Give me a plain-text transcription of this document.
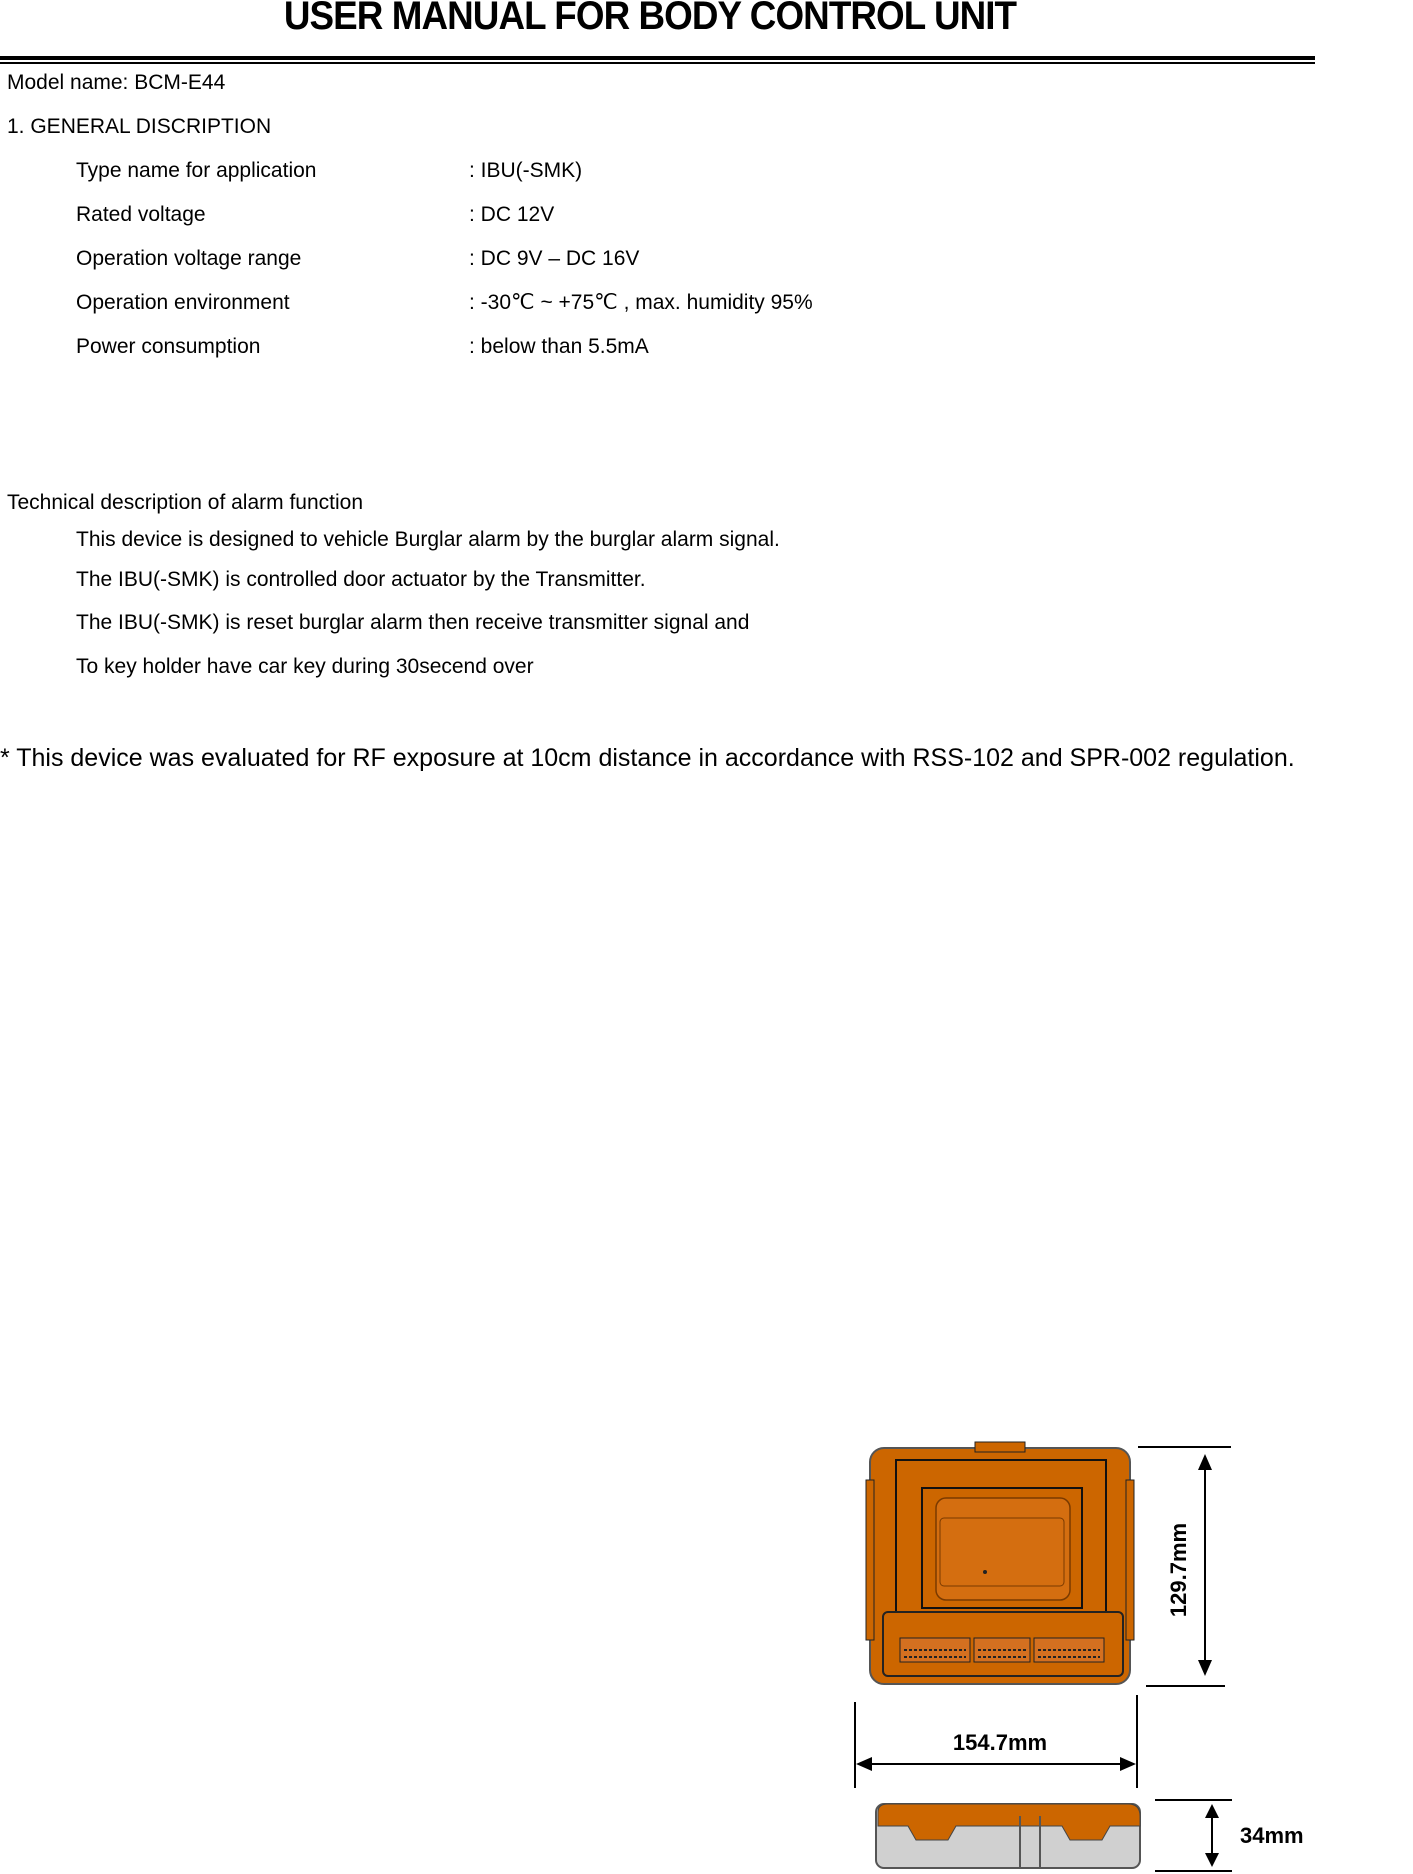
USER MANUAL FOR BODY CONTROL UNIT
Model name: BCM-E44
1. GENERAL DISCRIPTION
Type name for application	: IBU(-SMK)
Rated voltage	: DC 12V
Operation voltage range	: DC 9V – DC 16V
Operation environment	: -30℃ ~ +75℃ , max. humidity 95%
Power consumption	: below than 5.5mA
Technical description of alarm function
This device is designed to vehicle Burglar alarm by the burglar alarm signal.
The IBU(-SMK) is controlled door actuator by the Transmitter.
The IBU(-SMK) is reset burglar alarm then receive transmitter signal and
To key holder have car key during 30secend over
* This device was evaluated for RF exposure at 10cm distance in accordance with RSS-102 and SPR-002 regulation.
129.7mm
154.7mm
34mm
